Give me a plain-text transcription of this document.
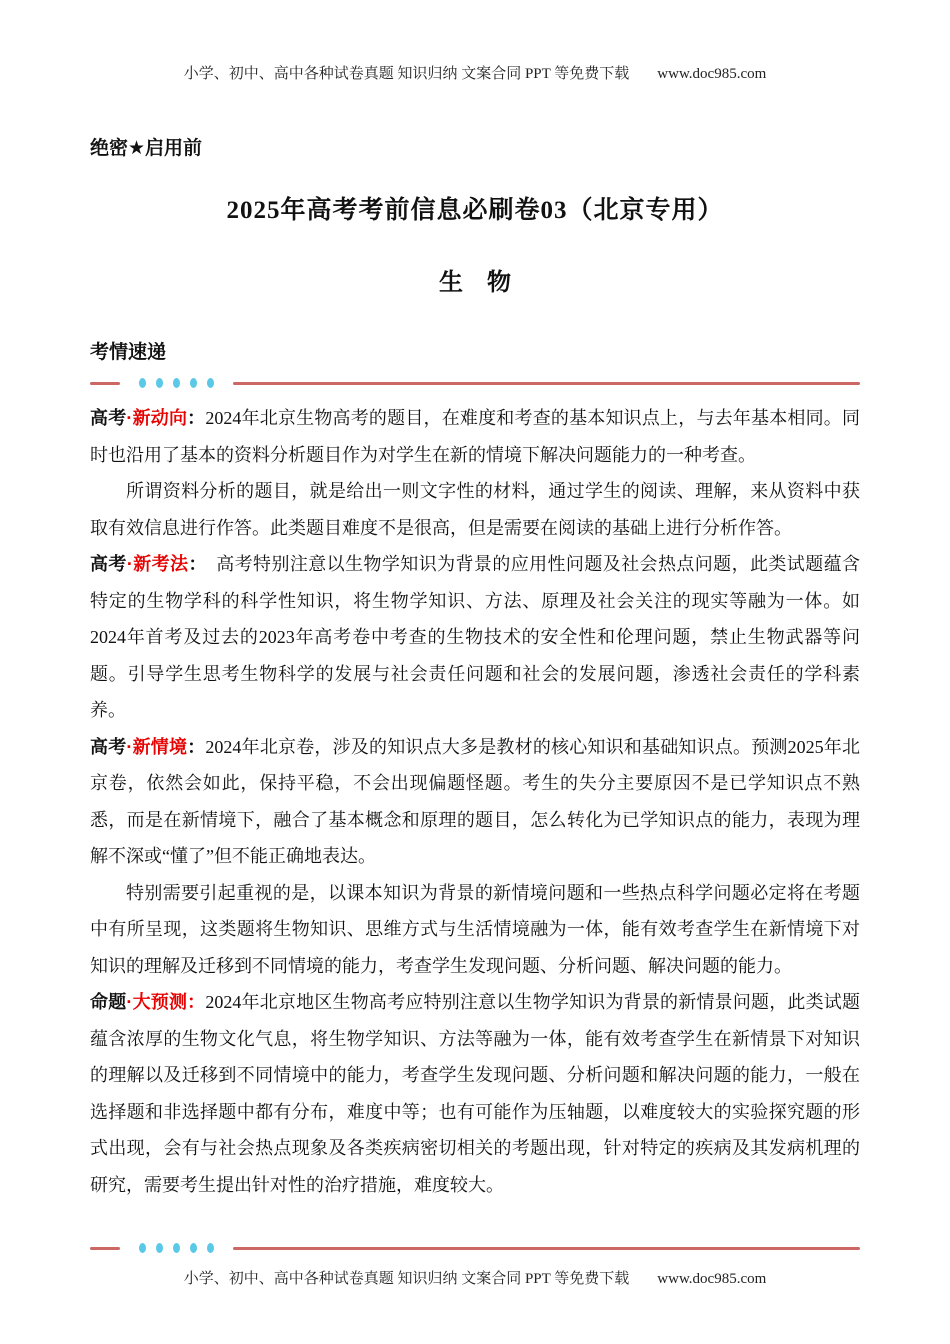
小学、初中、高中各种试卷真题 知识归纳 文案合同 PPT 等免费下载 www.doc985.com
绝密★启用前
2025年高考考前信息必刷卷03（北京专用）
生　物
考情速递

高考·新动向：2024年北京生物高考的题目，在难度和考查的基本知识点上，与去年基本相同。同时也沿用了基本的资料分析题目作为对学生在新的情境下解决问题能力的一种考查。

所谓资料分析的题目，就是给出一则文字性的材料，通过学生的阅读、理解，来从资料中获取有效信息进行作答。此类题目难度不是很高，但是需要在阅读的基础上进行分析作答。

高考·新考法：　高考特别注意以生物学知识为背景的应用性问题及社会热点问题，此类试题蕴含特定的生物学科的科学性知识，将生物学知识、方法、原理及社会关注的现实等融为一体。如2024年首考及过去的2023年高考卷中考查的生物技术的安全性和伦理问题，禁止生物武器等问题。引导学生思考生物科学的发展与社会责任问题和社会的发展问题，渗透社会责任的学科素养。

高考·新情境：2024年北京卷，涉及的知识点大多是教材的核心知识和基础知识点。预测2025年北京卷，依然会如此，保持平稳，不会出现偏题怪题。考生的失分主要原因不是已学知识点不熟悉，而是在新情境下，融合了基本概念和原理的题目，怎么转化为已学知识点的能力，表现为理解不深或“懂了”但不能正确地表达。

特别需要引起重视的是，以课本知识为背景的新情境问题和一些热点科学问题必定将在考题中有所呈现，这类题将生物知识、思维方式与生活情境融为一体，能有效考查学生在新情境下对知识的理解及迁移到不同情境的能力，考查学生发现问题、分析问题、解决问题的能力。

命题·大预测：2024年北京地区生物高考应特别注意以生物学知识为背景的新情景问题，此类试题蕴含浓厚的生物文化气息，将生物学知识、方法等融为一体，能有效考查学生在新情景下对知识的理解以及迁移到不同情境中的能力，考查学生发现问题、分析问题和解决问题的能力，一般在选择题和非选择题中都有分布，难度中等；也有可能作为压轴题，以难度较大的实验探究题的形式出现，会有与社会热点现象及各类疾病密切相关的考题出现，针对特定的疾病及其发病机理的研究，需要考生提出针对性的治疗措施，难度较大。

小学、初中、高中各种试卷真题 知识归纳 文案合同 PPT 等免费下载 www.doc985.com
